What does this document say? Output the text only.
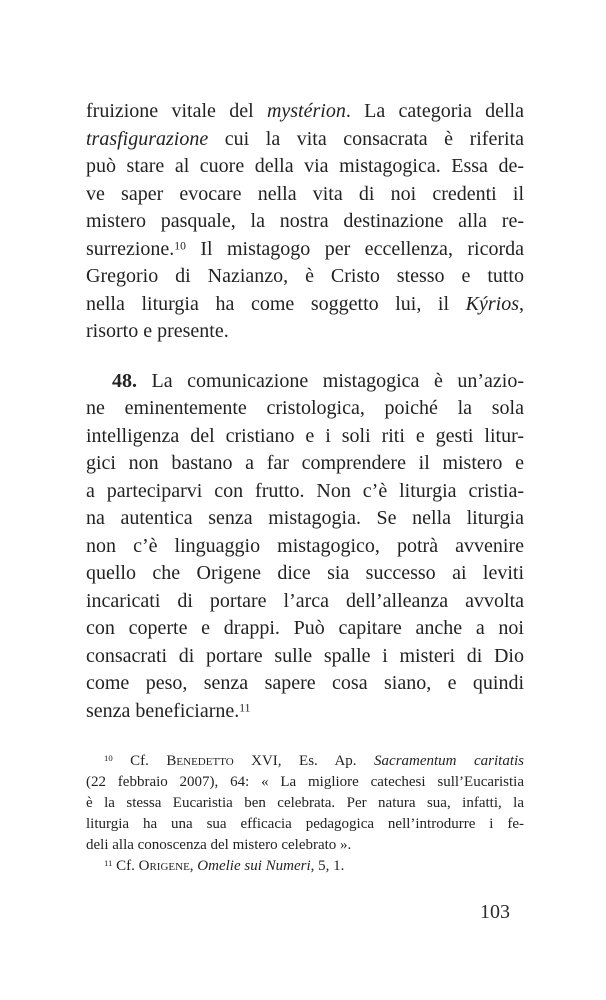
fruizione vitale del mystérion. La categoria della
trasfigurazione cui la vita consacrata è riferita
può stare al cuore della via mistagogica. Essa de-
ve saper evocare nella vita di noi credenti il
mistero pasquale, la nostra destinazione alla re-
surrezione.$^{10}$ Il mistagogo per eccellenza, ricorda
Gregorio di Nazianzo, è Cristo stesso e tutto
nella liturgia ha come soggetto lui, il Kýrios,
risorto e presente.
48. La comunicazione mistagogica è un’azio-
ne eminentemente cristologica, poiché la sola
intelligenza del cristiano e i soli riti e gesti litur-
gici non bastano a far comprendere il mistero e
a parteciparvi con frutto. Non c’è liturgia cristia-
na autentica senza mistagogia. Se nella liturgia
non c’è linguaggio mistagogico, potrà avvenire
quello che Origene dice sia successo ai leviti
incaricati di portare l’arca dell’alleanza avvolta
con coperte e drappi. Può capitare anche a noi
consacrati di portare sulle spalle i misteri di Dio
come peso, senza sapere cosa siano, e quindi
senza beneficiarne.$^{11}$
$^{10}$ Cf. Benedetto XVI, Es. Ap. Sacramentum caritatis
(22 febbraio 2007), 64: « La migliore catechesi sull’Eucaristia
è la stessa Eucaristia ben celebrata. Per natura sua, infatti, la
liturgia ha una sua efficacia pedagogica nell’introdurre i fe-
deli alla conoscenza del mistero celebrato ».
$^{11}$ Cf. Origene, Omelie sui Numeri, 5, 1.
103
